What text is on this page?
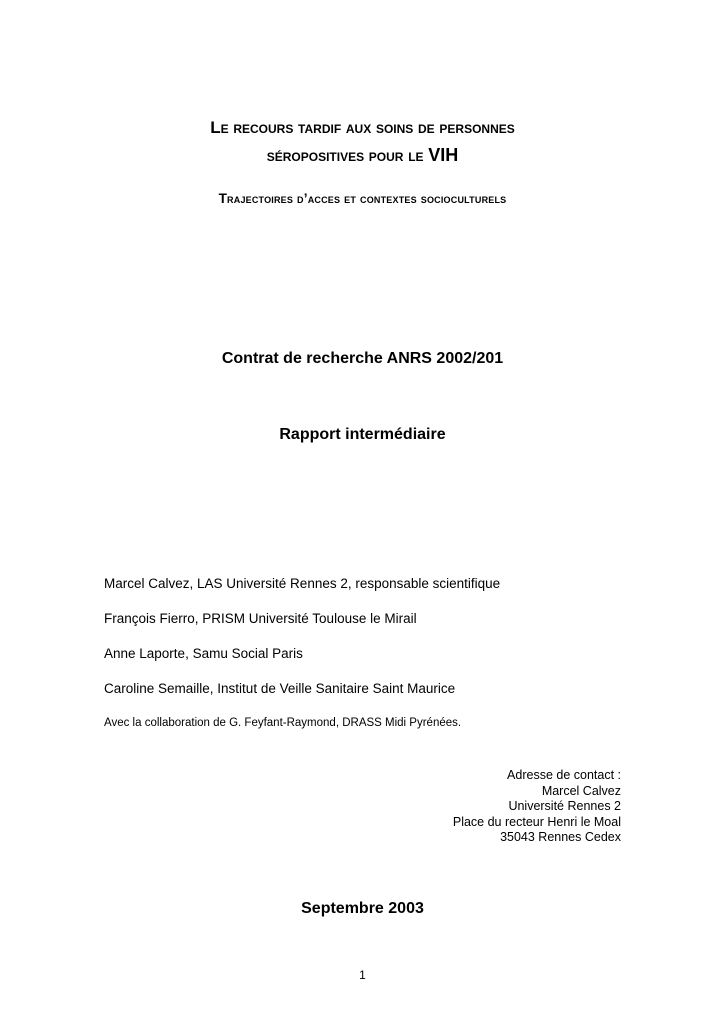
Le recours tardif aux soins de personnes
séropositives pour le VIH
Trajectoires d’acces et contextes socioculturels
Contrat de recherche ANRS 2002/201
Rapport intermédiaire
Marcel Calvez, LAS Université Rennes 2, responsable scientifique
François Fierro, PRISM Université Toulouse le Mirail
Anne Laporte, Samu Social Paris
Caroline Semaille, Institut de Veille Sanitaire Saint Maurice
Avec la collaboration de G. Feyfant-Raymond, DRASS Midi Pyrénées.
Adresse de contact :
Marcel Calvez
Université Rennes 2
Place du recteur Henri le Moal
35043 Rennes Cedex
Septembre 2003
1
